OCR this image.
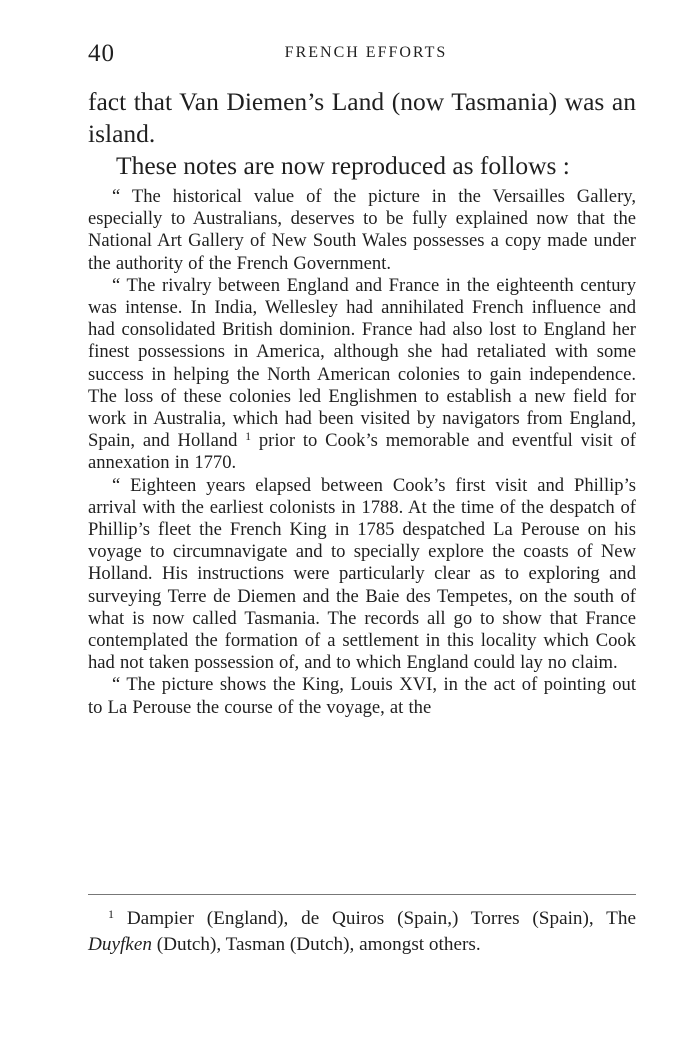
40	FRENCH EFFORTS

fact that Van Diemen’s Land (now Tasmania) was an island.

These notes are now reproduced as follows :

“ The historical value of the picture in the Versailles Gallery, especially to Australians, deserves to be fully explained now that the National Art Gallery of New South Wales possesses a copy made under the authority of the French Government.

“ The rivalry between England and France in the eighteenth century was intense. In India, Wellesley had annihilated French influence and had consolidated British dominion. France had also lost to England her finest possessions in America, although she had retaliated with some success in helping the North American colonies to gain independence. The loss of these colonies led Englishmen to establish a new field for work in Australia, which had been visited by navigators from England, Spain, and Holland $^1$ prior to Cook’s memorable and eventful visit of annexation in 1770.

“ Eighteen years elapsed between Cook’s first visit and Phillip’s arrival with the earliest colonists in 1788. At the time of the despatch of Phillip’s fleet the French King in 1785 despatched La Perouse on his voyage to circumnavigate and to specially explore the coasts of New Holland. His instructions were particularly clear as to exploring and surveying Terre de Diemen and the Baie des Tempetes, on the south of what is now called Tasmania. The records all go to show that France contemplated the formation of a settlement in this locality which Cook had not taken possession of, and to which England could lay no claim.

“ The picture shows the King, Louis XVI, in the act of pointing out to La Perouse the course of the voyage, at the

$^1$ Dampier (England), de Quiros (Spain,) Torres (Spain), The Duyfken (Dutch), Tasman (Dutch), amongst others.
